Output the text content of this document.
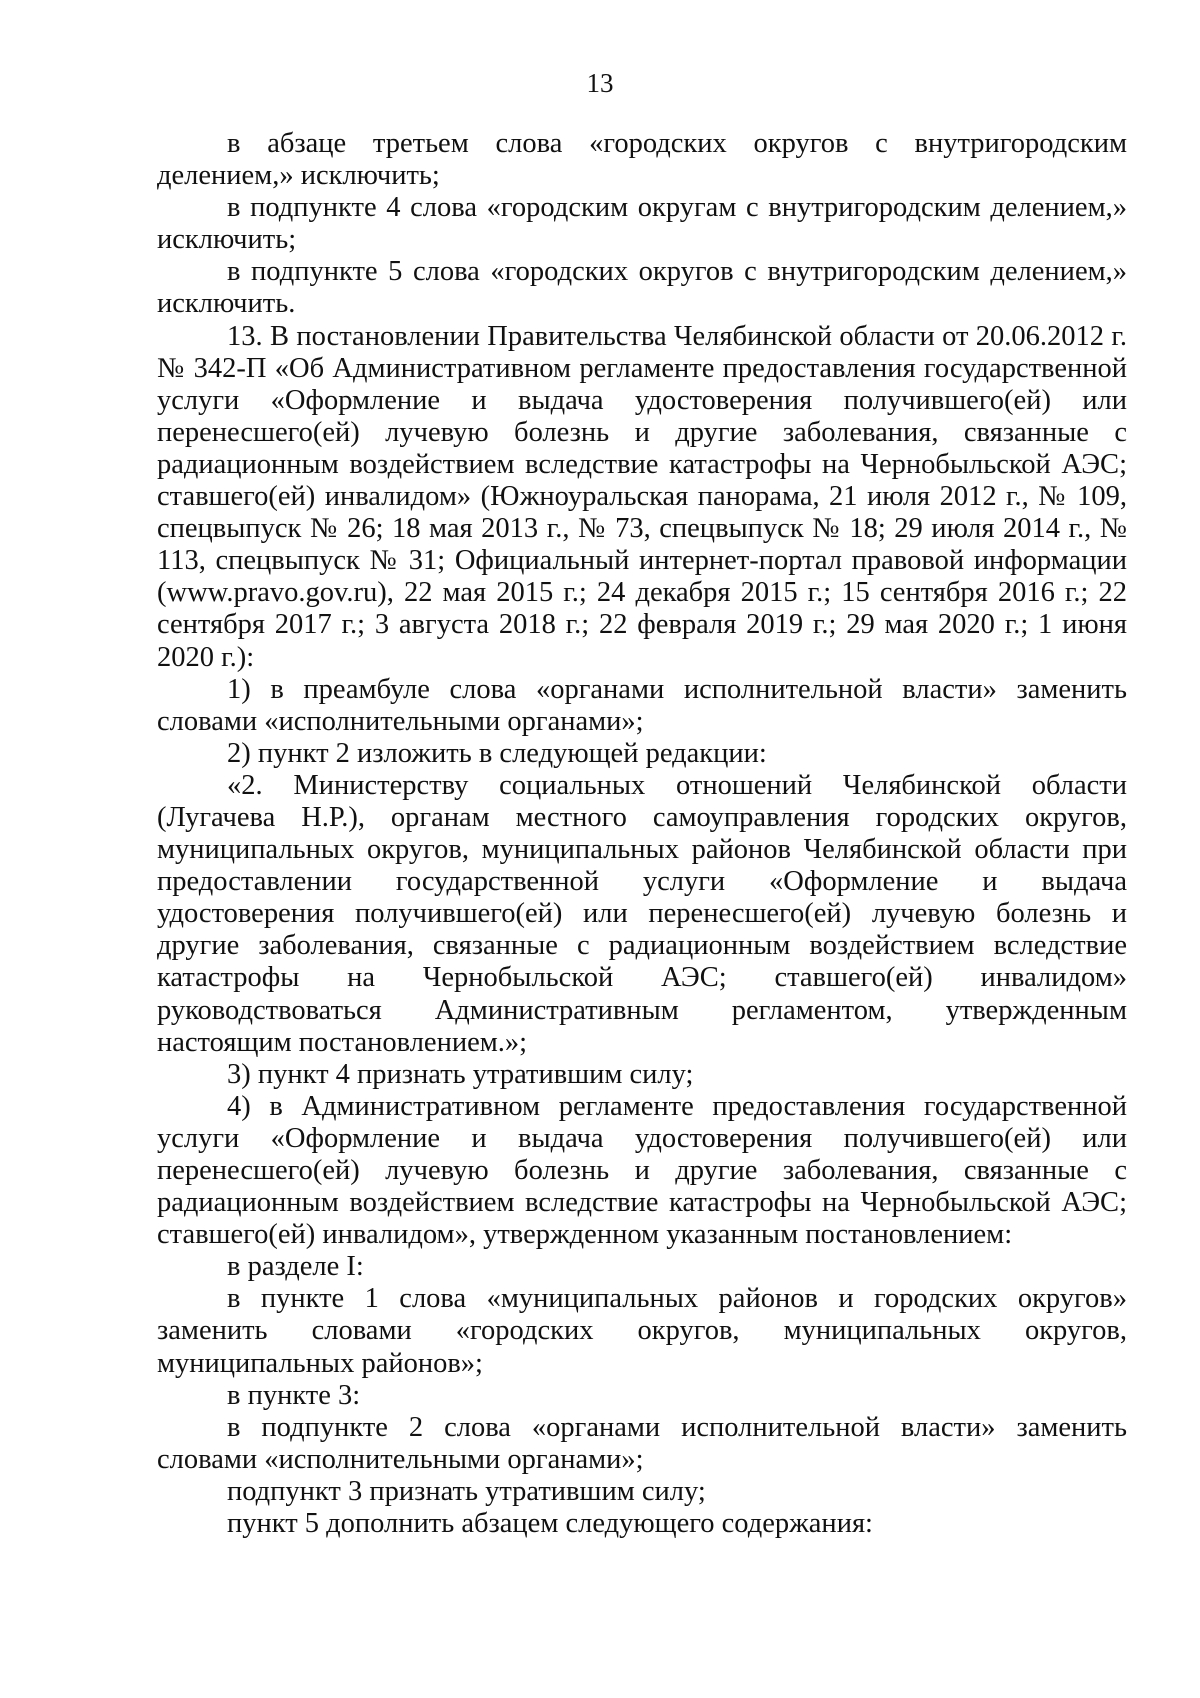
13

в абзаце третьем слова «городских округов с внутригородским делением,» исключить;

в подпункте 4 слова «городским округам с внутригородским делением,» исключить;

в подпункте 5 слова «городских округов с внутригородским делением,» исключить.

13. В постановлении Правительства Челябинской области от 20.06.2012 г. № 342-П «Об Административном регламенте предоставления государственной услуги «Оформление и выдача удостоверения получившего(ей) или перенесшего(ей) лучевую болезнь и другие заболевания, связанные с радиационным воздействием вследствие катастрофы на Чернобыльской АЭС; ставшего(ей) инвалидом» (Южноуральская панорама, 21 июля 2012 г., № 109, спецвыпуск № 26; 18 мая 2013 г., № 73, спецвыпуск № 18; 29 июля 2014 г., № 113, спецвыпуск № 31; Официальный интернет-портал правовой информации (www.pravo.gov.ru), 22 мая 2015 г.; 24 декабря 2015 г.; 15 сентября 2016 г.; 22 сентября 2017 г.; 3 августа 2018 г.; 22 февраля 2019 г.; 29 мая 2020 г.; 1 июня 2020 г.):

1) в преамбуле слова «органами исполнительной власти» заменить словами «исполнительными органами»;

2) пункт 2 изложить в следующей редакции:

«2. Министерству социальных отношений Челябинской области (Лугачева Н.Р.), органам местного самоуправления городских округов, муниципальных округов, муниципальных районов Челябинской области при предоставлении государственной услуги «Оформление и выдача удостоверения получившего(ей) или перенесшего(ей) лучевую болезнь и другие заболевания, связанные с радиационным воздействием вследствие катастрофы на Чернобыльской АЭС; ставшего(ей) инвалидом» руководствоваться Административным регламентом, утвержденным настоящим постановлением.»;

3) пункт 4 признать утратившим силу;

4) в Административном регламенте предоставления государственной услуги «Оформление и выдача удостоверения получившего(ей) или перенесшего(ей) лучевую болезнь и другие заболевания, связанные с радиационным воздействием вследствие катастрофы на Чернобыльской АЭС; ставшего(ей) инвалидом», утвержденном указанным постановлением:

в разделе I:

в пункте 1 слова «муниципальных районов и городских округов» заменить словами «городских округов, муниципальных округов, муниципальных районов»;

в пункте 3:

в подпункте 2 слова «органами исполнительной власти» заменить словами «исполнительными органами»;

подпункт 3 признать утратившим силу;

пункт 5 дополнить абзацем следующего содержания:
